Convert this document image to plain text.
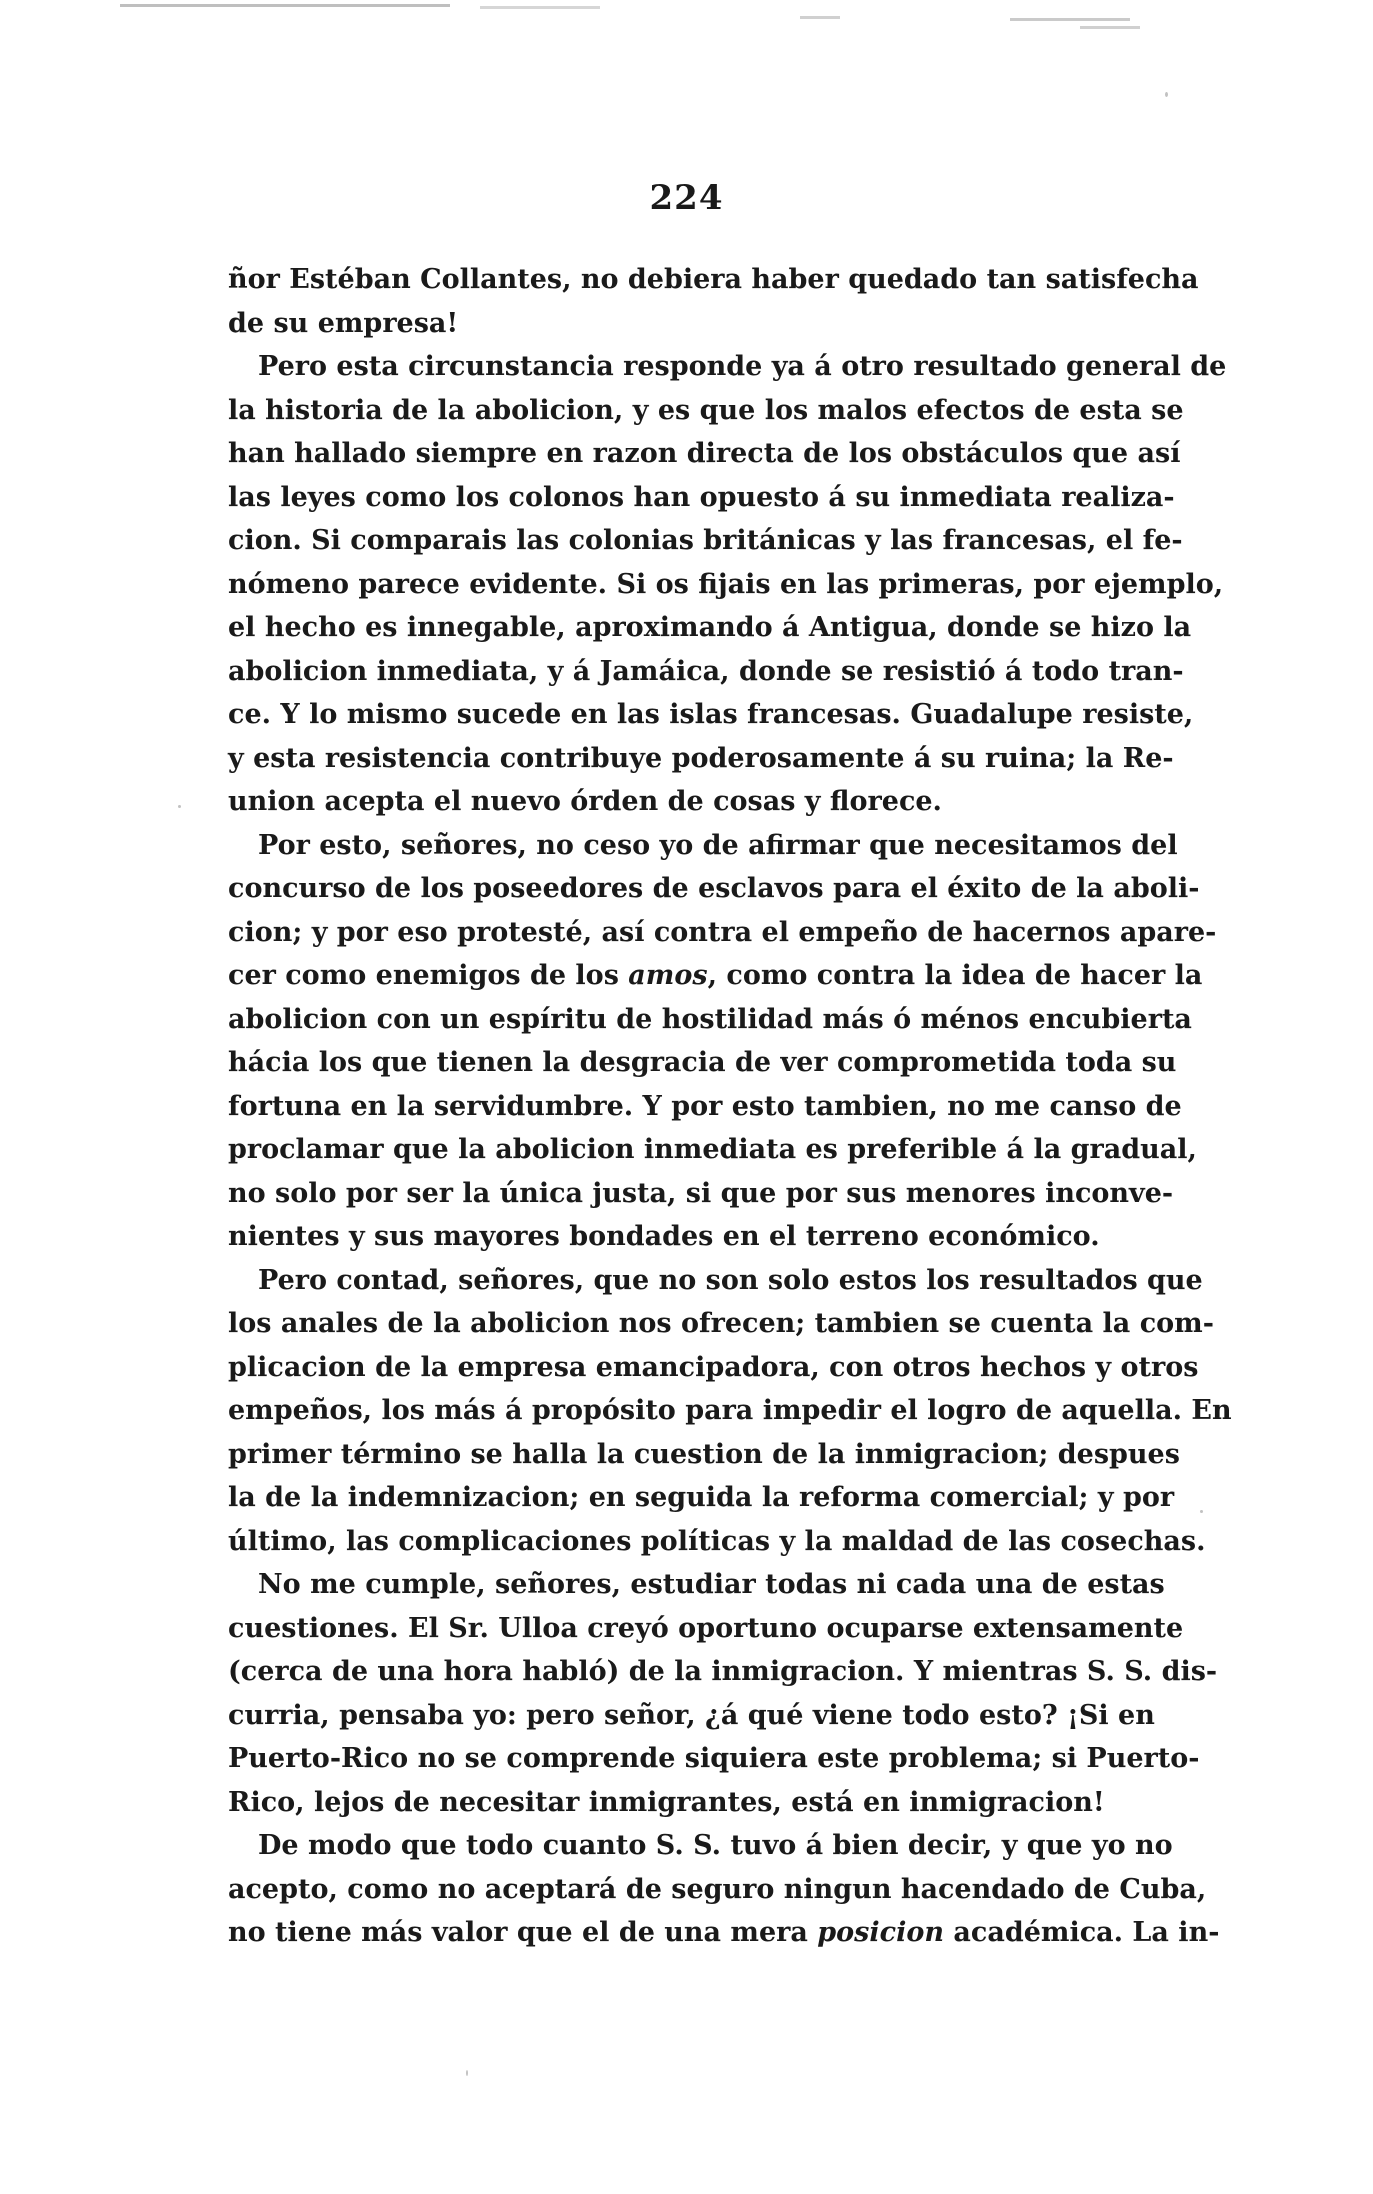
224

ñor Estéban Collantes, no debiera haber quedado tan satisfecha
de su empresa!

Pero esta circunstancia responde ya á otro resultado general de
la historia de la abolicion, y es que los malos efectos de esta se
han hallado siempre en razon directa de los obstáculos que así
las leyes como los colonos han opuesto á su inmediata realiza-
cion. Si comparais las colonias británicas y las francesas, el fe-
nómeno parece evidente. Si os fijais en las primeras, por ejemplo,
el hecho es innegable, aproximando á Antigua, donde se hizo la
abolicion inmediata, y á Jamáica, donde se resistió á todo tran-
ce. Y lo mismo sucede en las islas francesas. Guadalupe resiste,
y esta resistencia contribuye poderosamente á su ruina; la Re-
union acepta el nuevo órden de cosas y florece.

Por esto, señores, no ceso yo de afirmar que necesitamos del
concurso de los poseedores de esclavos para el éxito de la aboli-
cion; y por eso protesté, así contra el empeño de hacernos apare-
cer como enemigos de los amos, como contra la idea de hacer la
abolicion con un espíritu de hostilidad más ó ménos encubierta
hácia los que tienen la desgracia de ver comprometida toda su
fortuna en la servidumbre. Y por esto tambien, no me canso de
proclamar que la abolicion inmediata es preferible á la gradual,
no solo por ser la única justa, si que por sus menores inconve-
nientes y sus mayores bondades en el terreno económico.

Pero contad, señores, que no son solo estos los resultados que
los anales de la abolicion nos ofrecen; tambien se cuenta la com-
plicacion de la empresa emancipadora, con otros hechos y otros
empeños, los más á propósito para impedir el logro de aquella. En
primer término se halla la cuestion de la inmigracion; despues
la de la indemnizacion; en seguida la reforma comercial; y por
último, las complicaciones políticas y la maldad de las cosechas.

No me cumple, señores, estudiar todas ni cada una de estas
cuestiones. El Sr. Ulloa creyó oportuno ocuparse extensamente
(cerca de una hora habló) de la inmigracion. Y mientras S. S. dis-
curria, pensaba yo: pero señor, ¿á qué viene todo esto? ¡Si en
Puerto-Rico no se comprende siquiera este problema; si Puerto-
Rico, lejos de necesitar inmigrantes, está en inmigracion!

De modo que todo cuanto S. S. tuvo á bien decir, y que yo no
acepto, como no aceptará de seguro ningun hacendado de Cuba,
no tiene más valor que el de una mera posicion académica. La in-
